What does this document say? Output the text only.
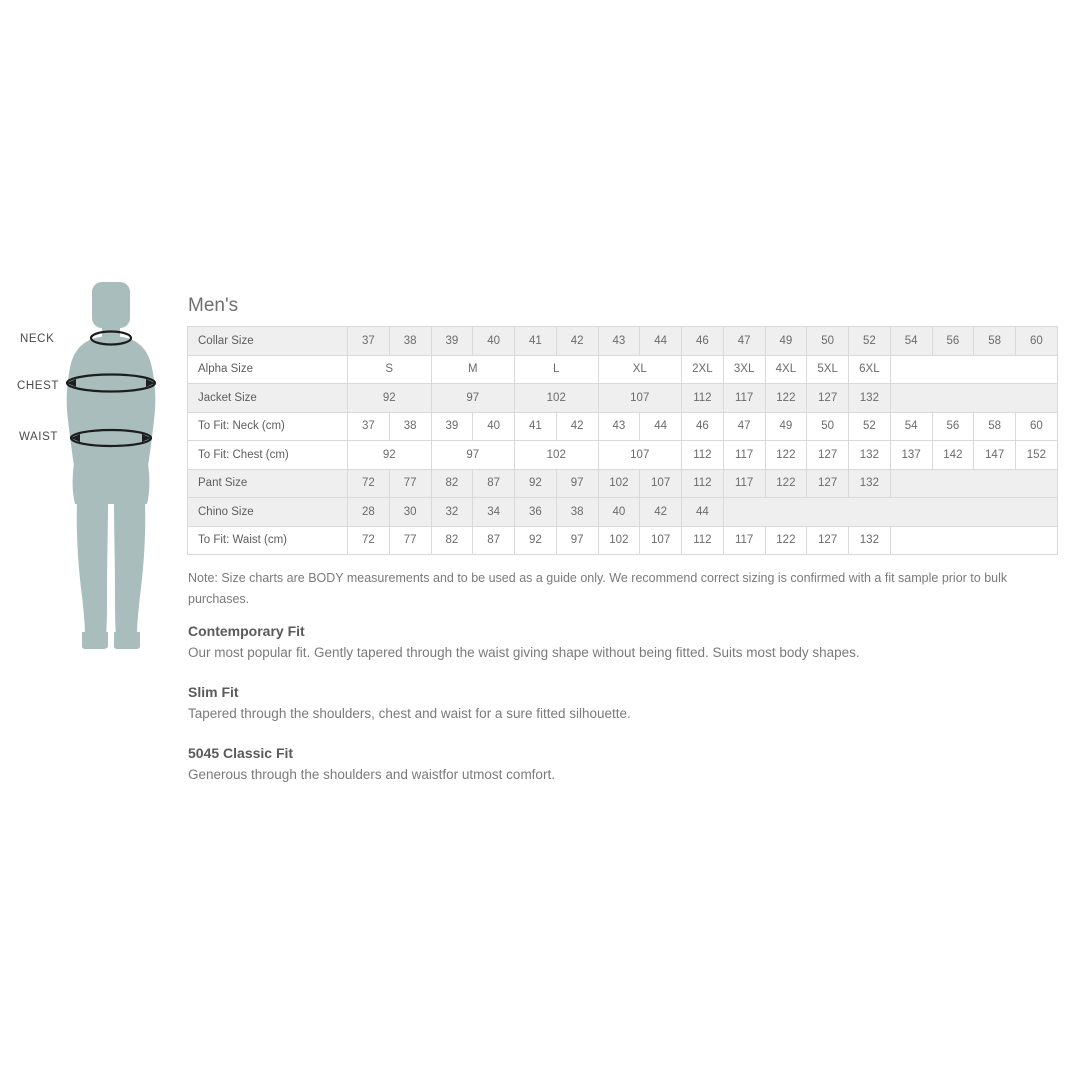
NECK
CHEST
WAIST
Men's
Collar Size	37	38	39	40	41	42	43	44	46	47	49	50	52	54	56	58	60
Alpha Size	S		M		L		XL		2XL	3XL	4XL	5XL	6XL				
Jacket Size	92		97		102		107		112	117	122	127	132				
To Fit: Neck (cm)	37	38	39	40	41	42	43	44	46	47	49	50	52	54	56	58	60
To Fit: Chest (cm)	92		97		102		107		112	117	122	127	132	137	142	147	152
Pant Size	72	77	82	87	92	97	102	107	112	117	122	127	132				
Chino Size	28	30	32	34	36	38	40	42	44								
To Fit: Waist (cm)	72	77	82	87	92	97	102	107	112	117	122	127	132				
Note: Size charts are BODY measurements and to be used as a guide only. We recommend correct sizing is confirmed with a fit sample prior to bulk purchases.

Contemporary Fit

Our most popular fit. Gently tapered through the waist giving shape without being fitted. Suits most body shapes.

Slim Fit

Tapered through the shoulders, chest and waist for a sure fitted silhouette.

5045 Classic Fit

Generous through the shoulders and waistfor utmost comfort.
